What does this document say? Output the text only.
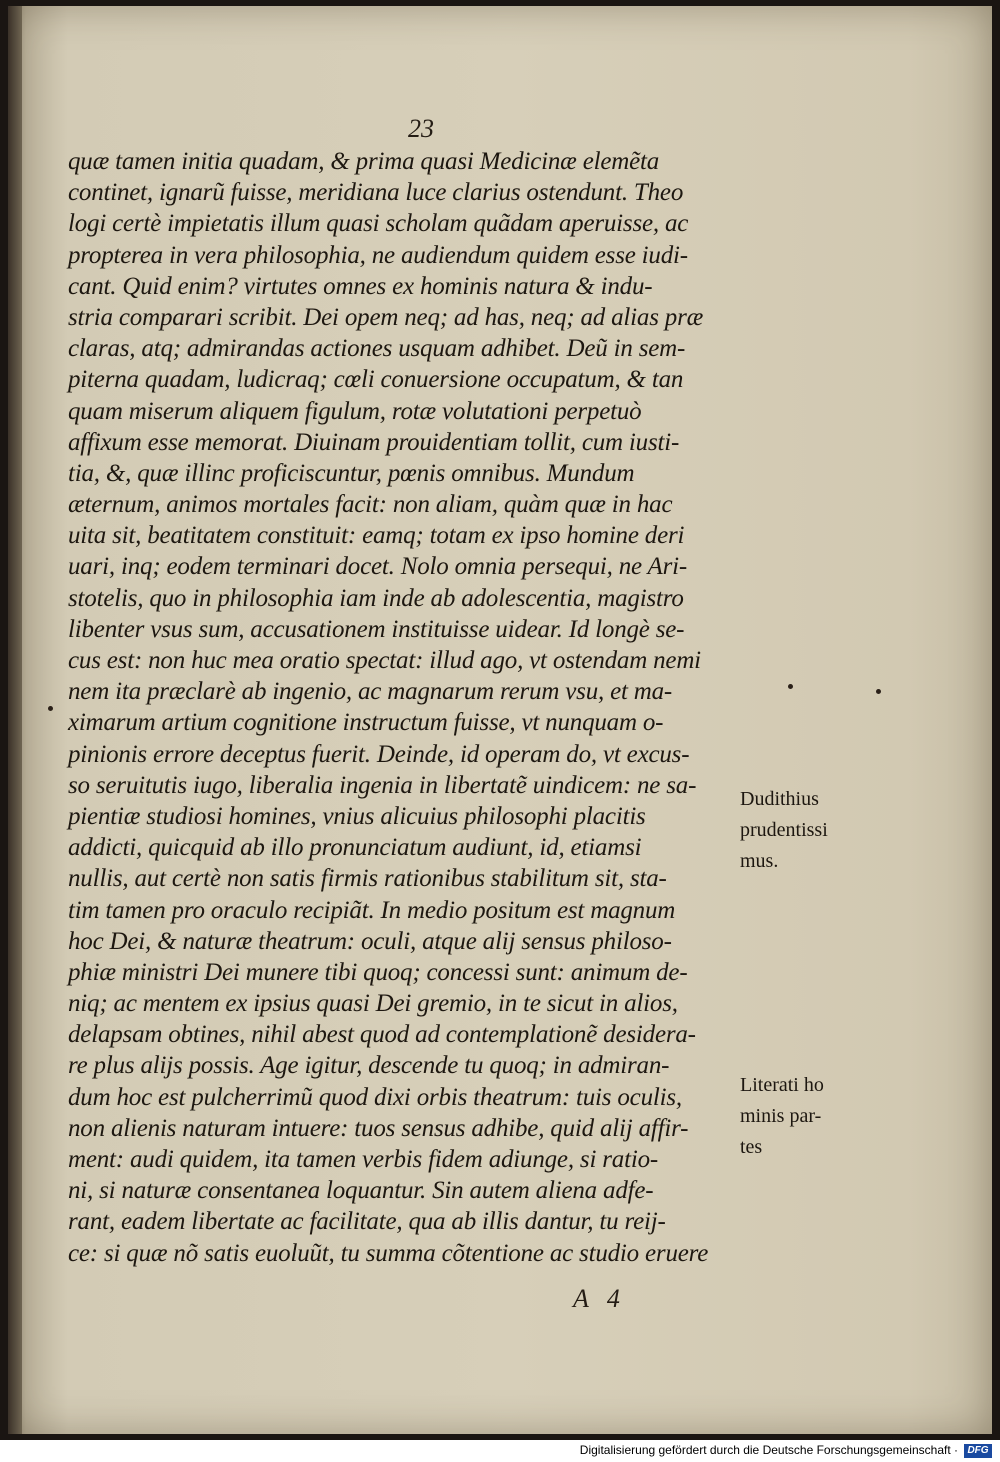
23
quæ tamen initia quadam, & prima quasi Medicinæ elemẽta
continet, ignarũ fuisse, meridiana luce clarius ostendunt. Theo
logi certè impietatis illum quasi scholam quãdam aperuisse, ac
propterea in vera philosophia, ne audiendum quidem esse iudi-
cant. Quid enim? virtutes omnes ex hominis natura & indu-
stria comparari scribit. Dei opem neq; ad has, neq; ad alias præ
claras, atq; admirandas actiones usquam adhibet. Deũ in sem-
piterna quadam, ludicraq; cœli conuersione occupatum, & tan
quam miserum aliquem figulum, rotæ volutationi perpetuò
affixum esse memorat. Diuinam prouidentiam tollit, cum iusti-
tia, &, quæ illinc proficiscuntur, pœnis omnibus. Mundum
æternum, animos mortales facit: non aliam, quàm quæ in hac
uita sit, beatitatem constituit: eamq; totam ex ipso homine deri
uari, inq; eodem terminari docet. Nolo omnia persequi, ne Ari-
stotelis, quo in philosophia iam inde ab adolescentia, magistro
libenter vsus sum, accusationem instituisse uidear. Id longè se-
cus est: non huc mea oratio spectat: illud ago, vt ostendam nemi
nem ita præclarè ab ingenio, ac magnarum rerum vsu, et ma-
ximarum artium cognitione instructum fuisse, vt nunquam o-
pinionis errore deceptus fuerit. Deinde, id operam do, vt excus-
so seruitutis iugo, liberalia ingenia in libertatẽ uindicem: ne sa-
pientiæ studiosi homines, vnius alicuius philosophi placitis
addicti, quicquid ab illo pronunciatum audiunt, id, etiamsi
nullis, aut certè non satis firmis rationibus stabilitum sit, sta-
tim tamen pro oraculo recipiãt. In medio positum est magnum
hoc Dei, & naturæ theatrum: oculi, atque alij sensus philoso-
phiæ ministri Dei munere tibi quoq; concessi sunt: animum de-
niq; ac mentem ex ipsius quasi Dei gremio, in te sicut in alios,
delapsam obtines, nihil abest quod ad contemplationẽ desidera-
re plus alijs possis. Age igitur, descende tu quoq; in admiran-
dum hoc est pulcherrimũ quod dixi orbis theatrum: tuis oculis,
non alienis naturam intuere: tuos sensus adhibe, quid alij affir-
ment: audi quidem, ita tamen verbis fidem adiunge, si ratio-
ni, si naturæ consentanea loquantur. Sin autem aliena adfe-
rant, eadem libertate ac facilitate, qua ab illis dantur, tu reij-
ce: si quæ nõ satis euoluũt, tu summa cõtentione ac studio eruere
Dudithius
prudentissi
mus.
Literati ho
minis par-
tes
A 4
Digitalisierung gefördert durch die Deutsche Forschungsgemeinschaft · DFG
